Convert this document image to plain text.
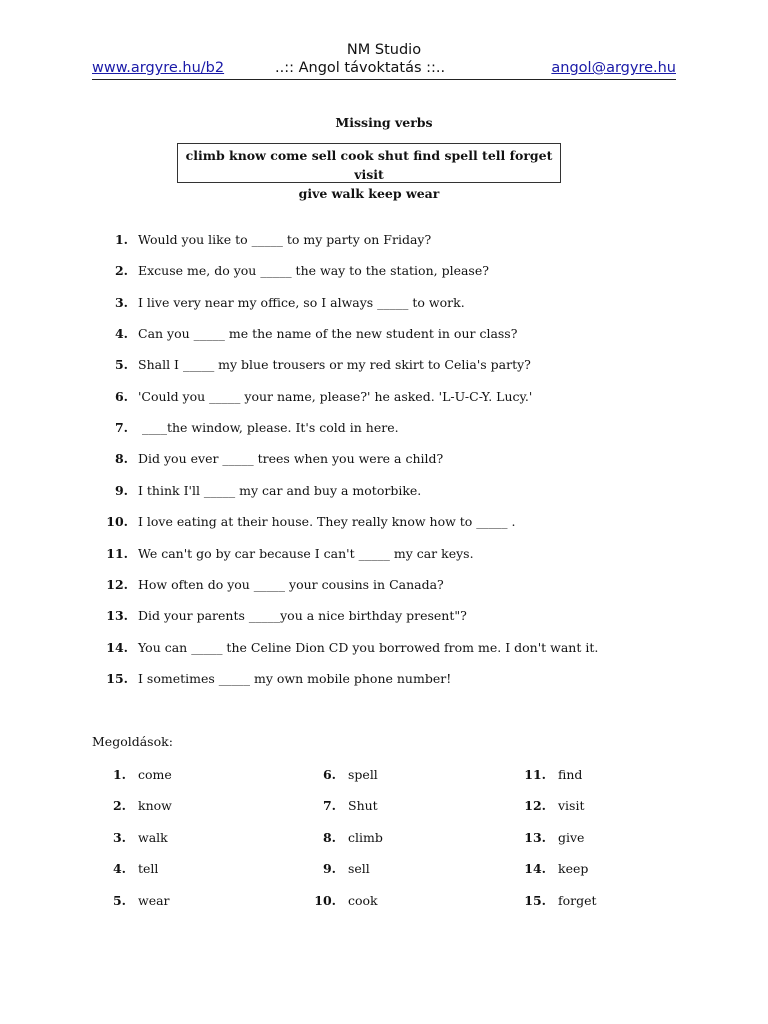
NM Studio
www.argyre.hu/b2	..:: Angol távoktatás ::..	angol@argyre.hu
Missing verbs
climb know come sell cook shut find spell tell forget visit
give walk keep wear
1. Would you like to _____ to my party on Friday?
2. Excuse me, do you _____ the way to the station, please?
3. I live very near my office, so I always _____ to work.
4. Can you _____ me the name of the new student in our class?
5. Shall I _____ my blue trousers or my red skirt to Celia's party?
6. 'Could you _____ your name, please?' he asked. 'L-U-C-Y. Lucy.'
7. ____the window, please. It's cold in here.
8. Did you ever _____ trees when you were a child?
9. I think I'll _____ my car and buy a motorbike.
10. I love eating at their house. They really know how to _____ .
11. We can't go by car because I can't _____ my car keys.
12. How often do you _____ your cousins in Canada?
13. Did your parents _____you a nice birthday present"?
14. You can _____ the Celine Dion CD you borrowed from me. I don't want it.
15. I sometimes _____ my own mobile phone number!
Megoldások:
1. come
2. know
3. walk
4. tell
5. wear
6. spell
7. Shut
8. climb
9. sell
10. cook
11. find
12. visit
13. give
14. keep
15. forget
